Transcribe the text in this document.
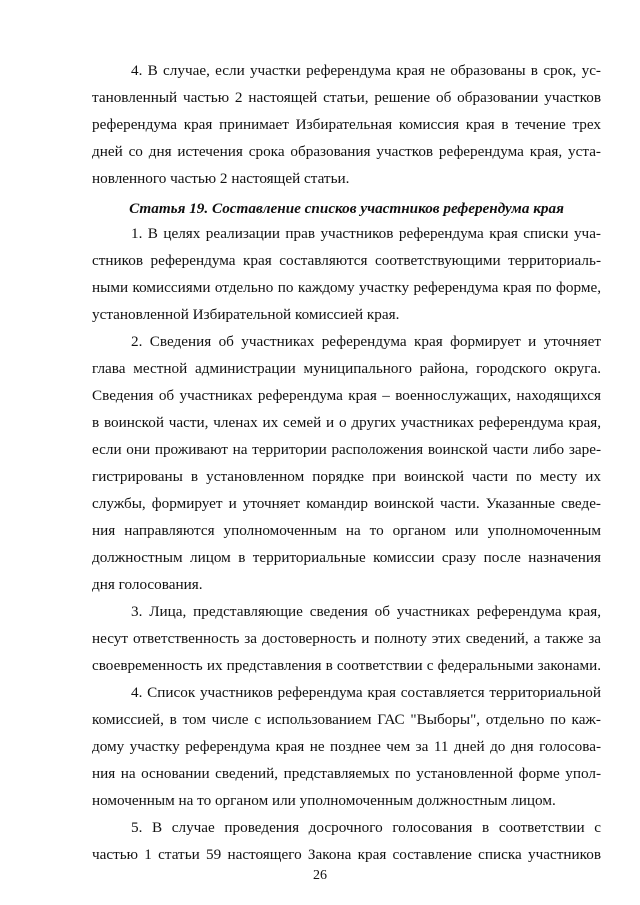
4. В случае, если участки референдума края не образованы в срок, ус-

тановленный частью 2 настоящей статьи, решение об образовании участков

референдума края принимает Избирательная комиссия края в течение трех

дней со дня истечения срока образования участков референдума края, уста-

новленного частью 2 настоящей статьи.

Статья 19. Составление списков участников референдума края

1. В целях реализации прав участников референдума края списки уча-

стников референдума края составляются соответствующими территориаль-

ными комиссиями отдельно по каждому участку референдума края по форме,

установленной Избирательной комиссией края.

2. Сведения об участниках референдума края формирует и уточняет

глава местной администрации муниципального района, городского округа.

Сведения об участниках референдума края – военнослужащих, находящихся

в воинской части, членах их семей и о других участниках референдума края,

если они проживают на территории расположения воинской части либо заре-

гистрированы в установленном порядке при воинской части по месту их

службы, формирует и уточняет командир воинской части. Указанные сведе-

ния направляются уполномоченным на то органом или уполномоченным

должностным лицом в территориальные комиссии сразу после назначения

дня голосования.

3. Лица, представляющие сведения об участниках референдума края,

несут ответственность за достоверность и полноту этих сведений, а также за

своевременность их представления в соответствии с федеральными законами.

4. Список участников референдума края составляется территориальной

комиссией, в том числе с использованием ГАС "Выборы", отдельно по каж-

дому участку референдума края не позднее чем за 11 дней до дня голосова-

ния на основании сведений, представляемых по установленной форме упол-

номоченным на то органом или уполномоченным должностным лицом.

5. В случае проведения досрочного голосования в соответствии с

частью 1 статьи 59 настоящего Закона края составление списка участников

26
